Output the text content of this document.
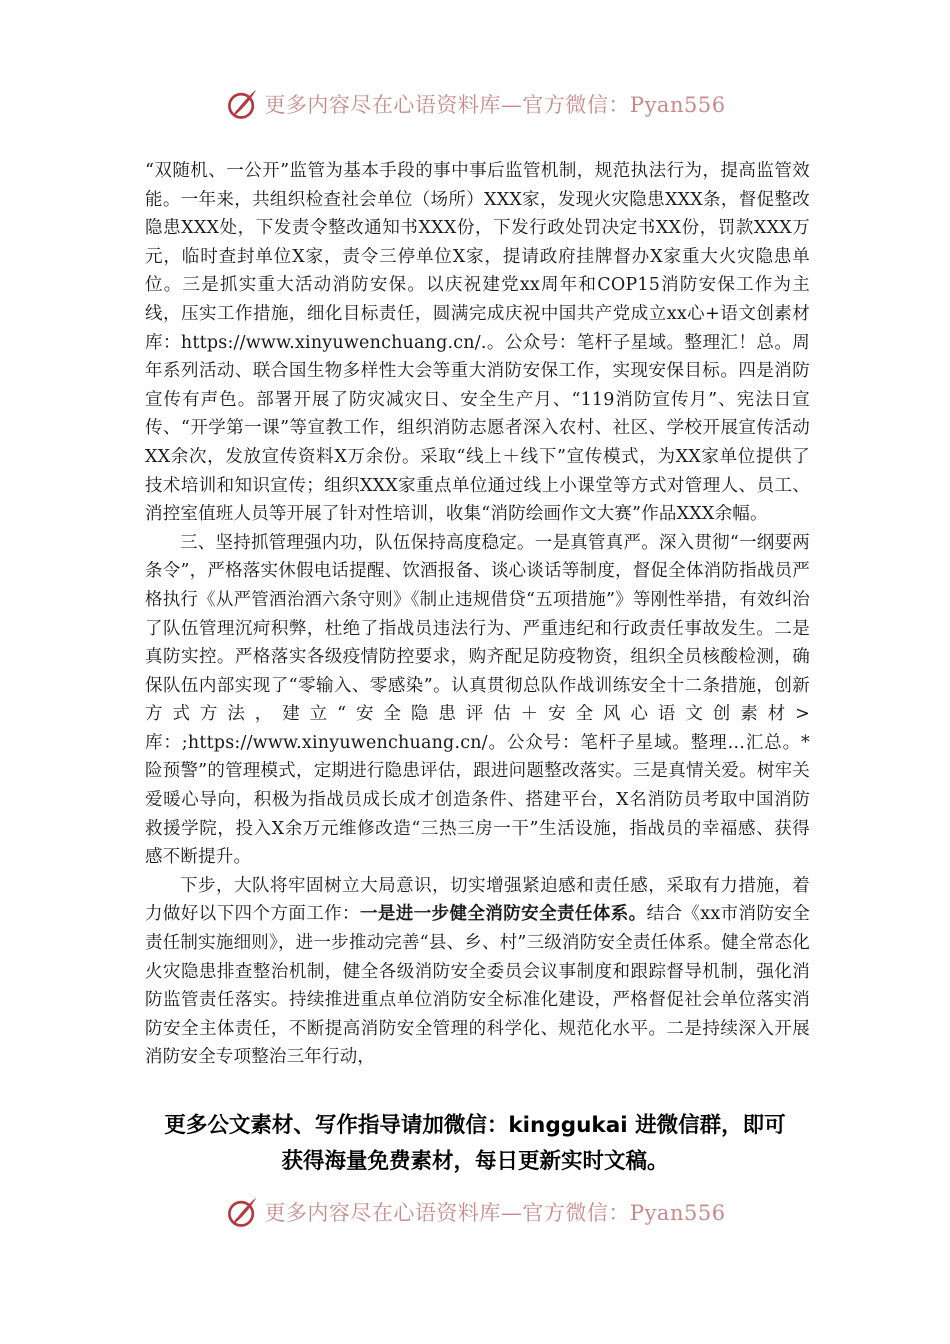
更多内容尽在心语资料库—官方微信：Pyan556

“双随机、一公开”监管为基本手段的事中事后监管机制，规范执法行为，提高监管效能。一年来，共组织检查社会单位（场所）XXX家，发现火灾隐患XXX条，督促整改隐患XXX处，下发责令整改通知书XXX份，下发行政处罚决定书XX份，罚款XXX万元，临时查封单位X家，责令三停单位X家，提请政府挂牌督办X家重大火灾隐患单位。三是抓实重大活动消防安保。以庆祝建党xx周年和COP15消防安保工作为主线，压实工作措施，细化目标责任，圆满完成庆祝中国共产党成立xx心+语文创素材库：https://www.xinyuwenchuang.cn/.。公众号：笔杆子星域。整理汇！总。周年系列活动、联合国生物多样性大会等重大消防安保工作，实现安保目标。四是消防宣传有声色。部署开展了防灾减灾日、安全生产月、“119消防宣传月”、宪法日宣传、“开学第一课”等宣教工作，组织消防志愿者深入农村、社区、学校开展宣传活动XX余次，发放宣传资料X万余份。采取“线上＋线下”宣传模式，为XX家单位提供了技术培训和知识宣传；组织XXX家重点单位通过线上小课堂等方式对管理人、员工、消控室值班人员等开展了针对性培训，收集“消防绘画作文大赛”作品XXX余幅。

三、坚持抓管理强内功，队伍保持高度稳定。一是真管真严。深入贯彻“一纲要两条令”，严格落实休假电话提醒、饮酒报备、谈心谈话等制度，督促全体消防指战员严格执行《从严管酒治酒六条守则》《制止违规借贷“五项措施”》等刚性举措，有效纠治了队伍管理沉疴积弊，杜绝了指战员违法行为、严重违纪和行政责任事故发生。二是真防实控。严格落实各级疫情防控要求，购齐配足防疫物资，组织全员核酸检测，确保队伍内部实现了“零输入、零感染”。认真贯彻总队作战训练安全十二条措施，创新方式方法，建立“安全隐患评估＋安全风心语文创素材>库：;https://www.xinyuwenchuang.cn/。公众号：笔杆子星域。整理…汇总。*险预警”的管理模式，定期进行隐患评估，跟进问题整改落实。三是真情关爱。树牢关爱暖心导向，积极为指战员成长成才创造条件、搭建平台，X名消防员考取中国消防救援学院，投入X余万元维修改造“三热三房一干”生活设施，指战员的幸福感、获得感不断提升。

下步，大队将牢固树立大局意识，切实增强紧迫感和责任感，采取有力措施，着力做好以下四个方面工作：一是进一步健全消防安全责任体系。结合《xx市消防安全责任制实施细则》，进一步推动完善“县、乡、村”三级消防安全责任体系。健全常态化火灾隐患排查整治机制，健全各级消防安全委员会议事制度和跟踪督导机制，强化消防监管责任落实。持续推进重点单位消防安全标准化建设，严格督促社会单位落实消防安全主体责任，不断提高消防安全管理的科学化、规范化水平。二是持续深入开展消防安全专项整治三年行动，

更多公文素材、写作指导请加微信：kinggukai 进微信群，即可
获得海量免费素材，每日更新实时文稿。
更多内容尽在心语资料库—官方微信：Pyan556
